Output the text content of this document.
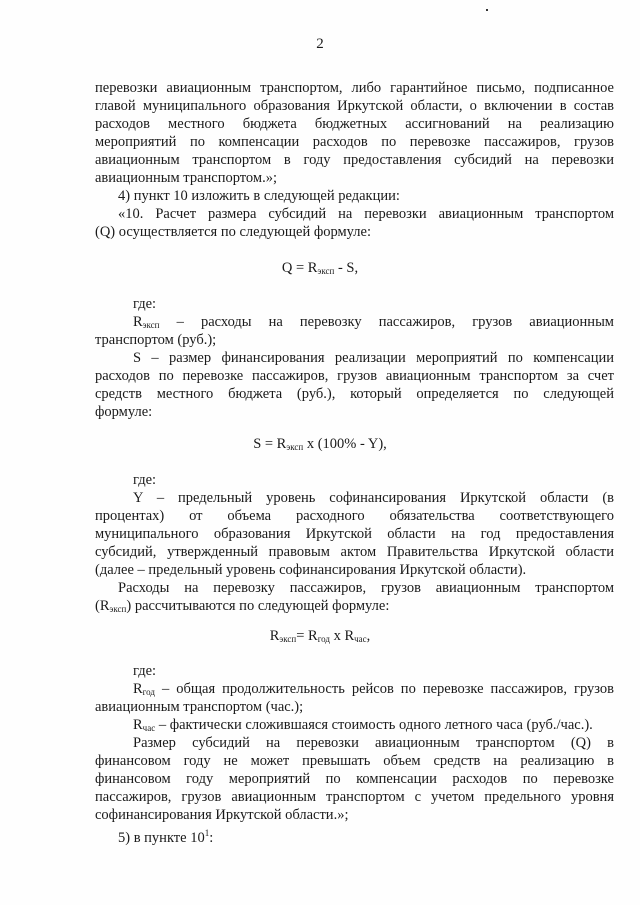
2
перевозки авиационным транспортом, либо гарантийное письмо, подписанное
главой муниципального образования Иркутской области, о включении в состав
расходов местного бюджета бюджетных ассигнований на реализацию
мероприятий по компенсации расходов по перевозке пассажиров, грузов
авиационным транспортом в году предоставления субсидий на перевозки
авиационным транспортом.»;
4) пункт 10 изложить в следующей редакции:
«10. Расчет размера субсидий на перевозки авиационным транспортом
(Q) осуществляется по следующей формуле:
$Q = R_{эксп} - S$,
где:
$R_{эксп}$ – расходы на перевозку пассажиров, грузов авиационным
транспортом (руб.);
S – размер финансирования реализации мероприятий по компенсации
расходов по перевозке пассажиров, грузов авиационным транспортом за счет
средств местного бюджета (руб.), который определяется по следующей
формуле:
$S = R_{эксп}$ x (100% - Y),
где:
Y – предельный уровень софинансирования Иркутской области (в
процентах) от объема расходного обязательства соответствующего
муниципального образования Иркутской области на год предоставления
субсидий, утвержденный правовым актом Правительства Иркутской области
(далее – предельный уровень софинансирования Иркутской области).
Расходы на перевозку пассажиров, грузов авиационным транспортом
$(R_{эксп})$ рассчитываются по следующей формуле:
$R_{эксп}= R_{год}$ x $R_{час}$,
где:
$R_{год}$ – общая продолжительность рейсов по перевозке пассажиров, грузов
авиационным транспортом (час.);
$R_{час}$ – фактически сложившаяся стоимость одного летного часа (руб./час.).
Размер субсидий на перевозки авиационным транспортом (Q) в
финансовом году не может превышать объем средств на реализацию в
финансовом году мероприятий по компенсации расходов по перевозке
пассажиров, грузов авиационным транспортом с учетом предельного уровня
софинансирования Иркутской области.»;
5) в пункте $10^1$:
